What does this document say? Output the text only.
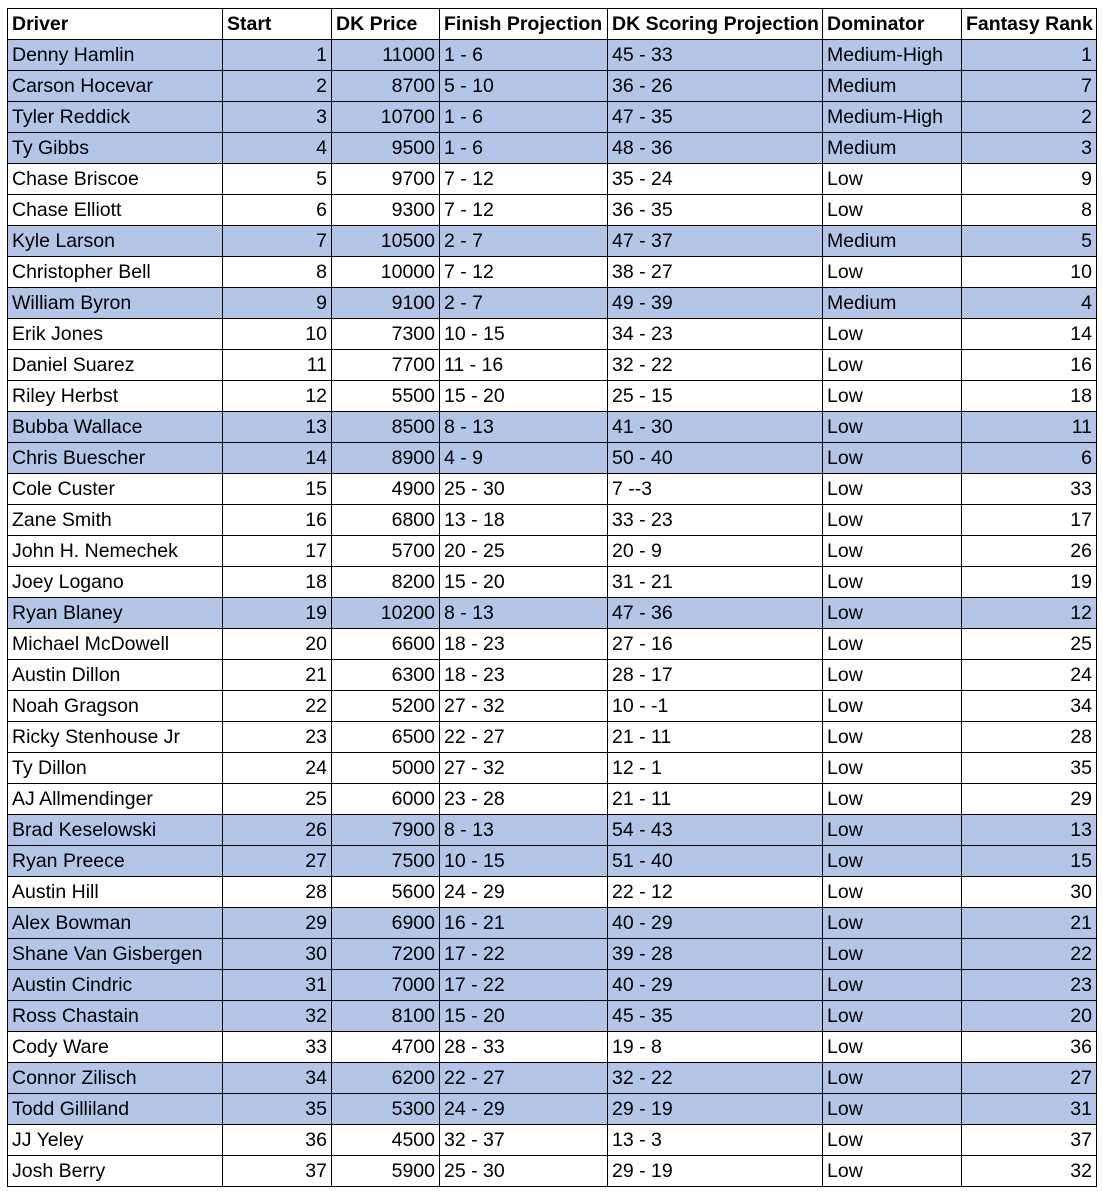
Driver	Start	DK Price	Finish Projection	DK Scoring Projection	Dominator	Fantasy Rank
Denny Hamlin	1	11000	1 - 6	45 - 33	Medium-High	1
Carson Hocevar	2	8700	5 - 10	36 - 26	Medium	7
Tyler Reddick	3	10700	1 - 6	47 - 35	Medium-High	2
Ty Gibbs	4	9500	1 - 6	48 - 36	Medium	3
Chase Briscoe	5	9700	7 - 12	35 - 24	Low	9
Chase Elliott	6	9300	7 - 12	36 - 35	Low	8
Kyle Larson	7	10500	2 - 7	47 - 37	Medium	5
Christopher Bell	8	10000	7 - 12	38 - 27	Low	10
William Byron	9	9100	2 - 7	49 - 39	Medium	4
Erik Jones	10	7300	10 - 15	34 - 23	Low	14
Daniel Suarez	11	7700	11 - 16	32 - 22	Low	16
Riley Herbst	12	5500	15 - 20	25 - 15	Low	18
Bubba Wallace	13	8500	8 - 13	41 - 30	Low	11
Chris Buescher	14	8900	4 - 9	50 - 40	Low	6
Cole Custer	15	4900	25 - 30	7 --3	Low	33
Zane Smith	16	6800	13 - 18	33 - 23	Low	17
John H. Nemechek	17	5700	20 - 25	20 - 9	Low	26
Joey Logano	18	8200	15 - 20	31 - 21	Low	19
Ryan Blaney	19	10200	8 - 13	47 - 36	Low	12
Michael McDowell	20	6600	18 - 23	27 - 16	Low	25
Austin Dillon	21	6300	18 - 23	28 - 17	Low	24
Noah Gragson	22	5200	27 - 32	10 - -1	Low	34
Ricky Stenhouse Jr	23	6500	22 - 27	21 - 11	Low	28
Ty Dillon	24	5000	27 - 32	12 - 1	Low	35
AJ Allmendinger	25	6000	23 - 28	21 - 11	Low	29
Brad Keselowski	26	7900	8 - 13	54 - 43	Low	13
Ryan Preece	27	7500	10 - 15	51 - 40	Low	15
Austin Hill	28	5600	24 - 29	22 - 12	Low	30
Alex Bowman	29	6900	16 - 21	40 - 29	Low	21
Shane Van Gisbergen	30	7200	17 - 22	39 - 28	Low	22
Austin Cindric	31	7000	17 - 22	40 - 29	Low	23
Ross Chastain	32	8100	15 - 20	45 - 35	Low	20
Cody Ware	33	4700	28 - 33	19 - 8	Low	36
Connor Zilisch	34	6200	22 - 27	32 - 22	Low	27
Todd Gilliland	35	5300	24 - 29	29 - 19	Low	31
JJ Yeley	36	4500	32 - 37	13 - 3	Low	37
Josh Berry	37	5900	25 - 30	29 - 19	Low	32
